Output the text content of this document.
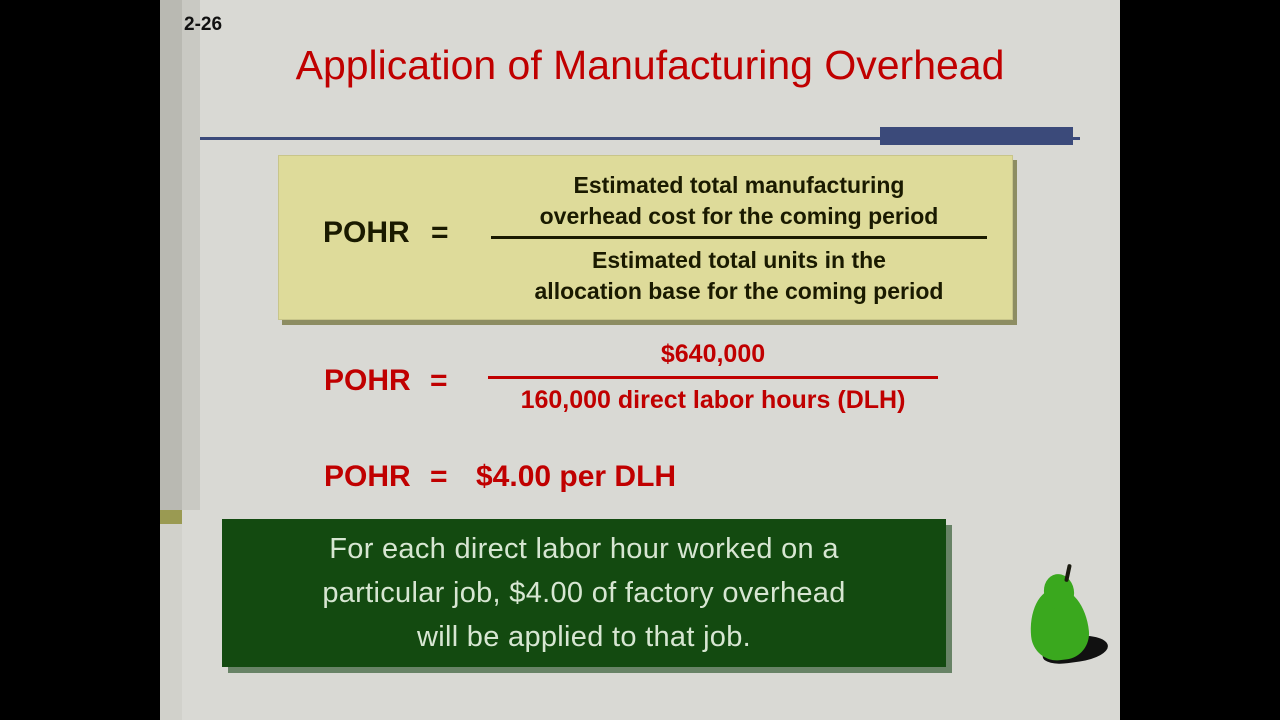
2-26
Application of Manufacturing Overhead
POHR =
Estimated total manufacturing
overhead cost for the coming period
Estimated total units in the
allocation base for the coming period
POHR =
$640,000
160,000 direct labor hours (DLH)
POHR = $4.00 per DLH
For each direct labor hour worked on a
particular job, $4.00 of factory overhead
will be applied to that job.
